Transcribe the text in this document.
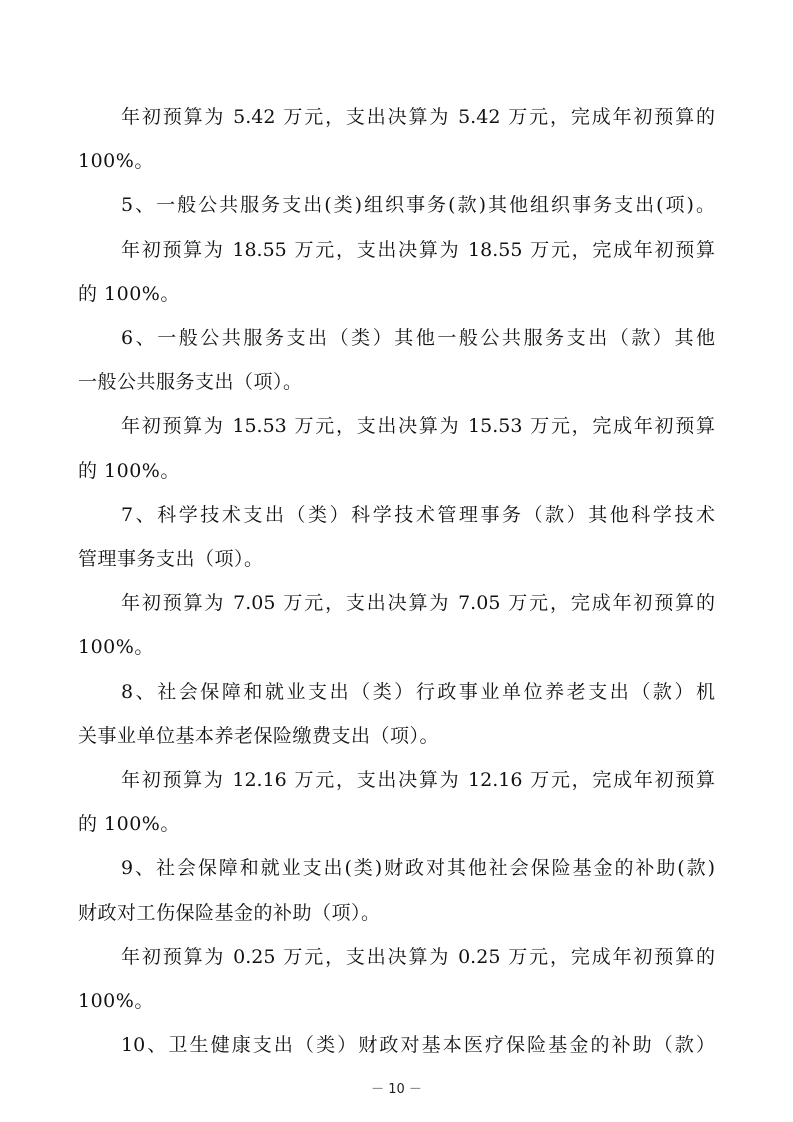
年初预算为 5.42 万元，支出决算为 5.42 万元，完成年初预算的
100%。
5、一般公共服务支出(类)组织事务(款)其他组织事务支出(项)。
年初预算为 18.55 万元，支出决算为 18.55 万元，完成年初预算
的 100%。
6、一般公共服务支出（类）其他一般公共服务支出（款）其他
一般公共服务支出（项）。
年初预算为 15.53 万元，支出决算为 15.53 万元，完成年初预算
的 100%。
7、科学技术支出（类）科学技术管理事务（款）其他科学技术
管理事务支出（项）。
年初预算为 7.05 万元，支出决算为 7.05 万元，完成年初预算的
100%。
8、社会保障和就业支出（类）行政事业单位养老支出（款）机
关事业单位基本养老保险缴费支出（项）。
年初预算为 12.16 万元，支出决算为 12.16 万元，完成年初预算
的 100%。
9、社会保障和就业支出(类)财政对其他社会保险基金的补助(款)
财政对工伤保险基金的补助（项）。
年初预算为 0.25 万元，支出决算为 0.25 万元，完成年初预算的
100%。
10、卫生健康支出（类）财政对基本医疗保险基金的补助（款）
－ 10 －
